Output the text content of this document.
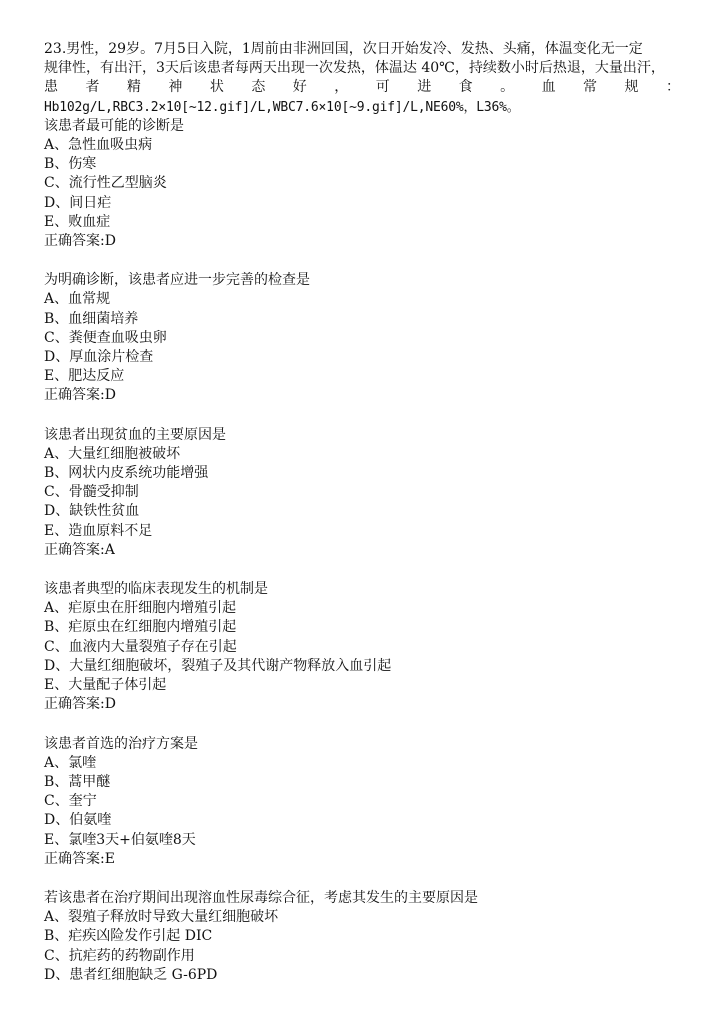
23.男性，29岁。7月5日入院，1周前由非洲回国，次日开始发冷、发热、头痛，体温变化无一定
规律性，有出汗，3天后该患者每两天出现一次发热，体温达 40℃，持续数小时后热退，大量出汗，
患 者 精 神 状 态 好 ， 可 进 食 。 血 常 规 ：
Hb102g/L,RBC3.2×10[~12.gif]/L,WBC7.6×10[~9.gif]/L,NE60%，L36%。
该患者最可能的诊断是
A、急性血吸虫病
B、伤寒
C、流行性乙型脑炎
D、间日疟
E、败血症
正确答案:D
为明确诊断，该患者应进一步完善的检查是
A、血常规
B、血细菌培养
C、粪便查血吸虫卵
D、厚血涂片检查
E、肥达反应
正确答案:D
该患者出现贫血的主要原因是
A、大量红细胞被破坏
B、网状内皮系统功能增强
C、骨髓受抑制
D、缺铁性贫血
E、造血原料不足
正确答案:A
该患者典型的临床表现发生的机制是
A、疟原虫在肝细胞内增殖引起
B、疟原虫在红细胞内增殖引起
C、血液内大量裂殖子存在引起
D、大量红细胞破坏，裂殖子及其代谢产物释放入血引起
E、大量配子体引起
正确答案:D
该患者首选的治疗方案是
A、氯喹
B、蒿甲醚
C、奎宁
D、伯氨喹
E、氯喹3天+伯氨喹8天
正确答案:E
若该患者在治疗期间出现溶血性尿毒综合征，考虑其发生的主要原因是
A、裂殖子释放时导致大量红细胞破坏
B、疟疾凶险发作引起 DIC
C、抗疟药的药物副作用
D、患者红细胞缺乏 G-6PD
